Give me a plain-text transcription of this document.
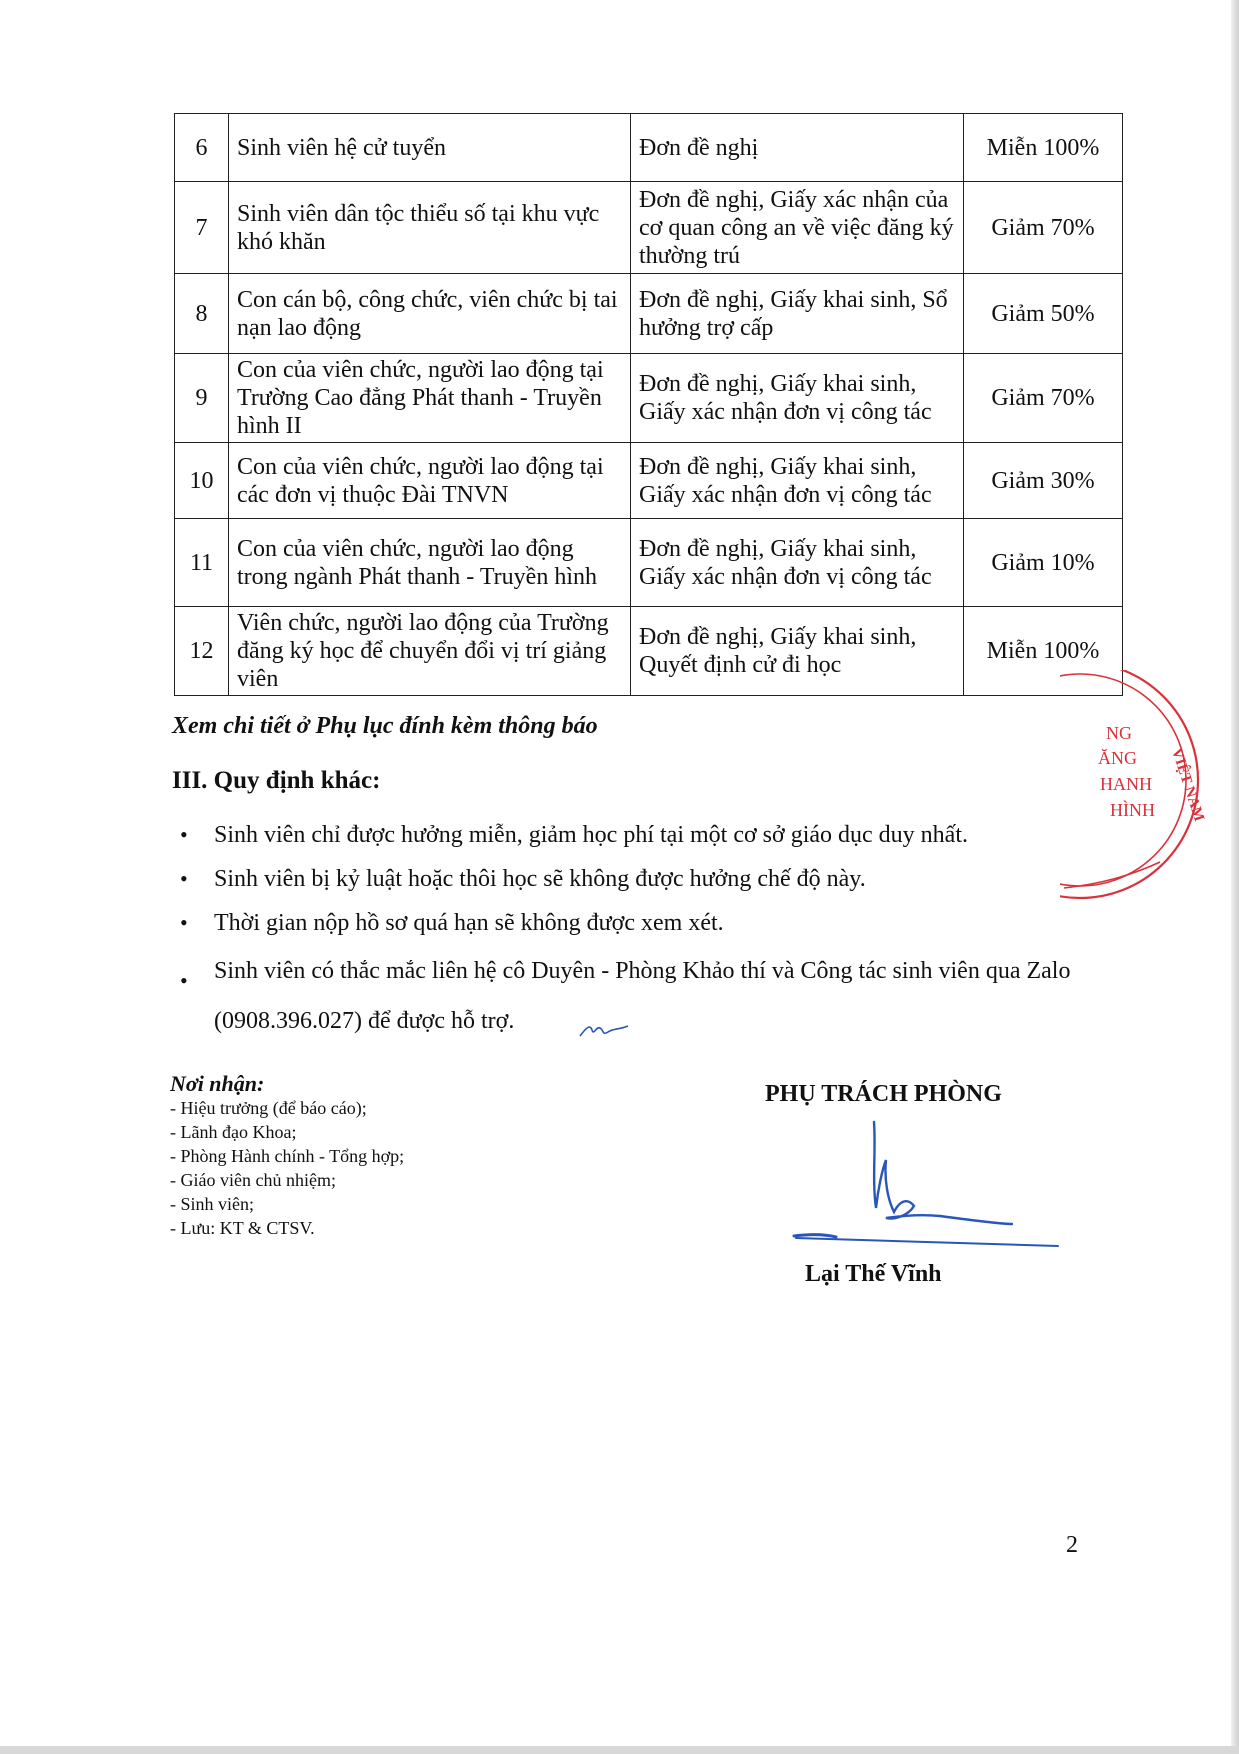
6	Sinh viên hệ cử tuyển	Đơn đề nghị	Miễn 100%
7	Sinh viên dân tộc thiểu số tại khu vực khó khăn	Đơn đề nghị, Giấy xác nhận của cơ quan công an về việc đăng ký thường trú	Giảm 70%
8	Con cán bộ, công chức, viên chức bị tai nạn lao động	Đơn đề nghị, Giấy khai sinh, Sổ hưởng trợ cấp	Giảm 50%
9	Con của viên chức, người lao động tại Trường Cao đẳng Phát thanh - Truyền hình II	Đơn đề nghị, Giấy khai sinh, Giấy xác nhận đơn vị công tác	Giảm 70%
10	Con của viên chức, người lao động tại các đơn vị thuộc Đài TNVN	Đơn đề nghị, Giấy khai sinh, Giấy xác nhận đơn vị công tác	Giảm 30%
11	Con của viên chức, người lao động trong ngành Phát thanh - Truyền hình	Đơn đề nghị, Giấy khai sinh, Giấy xác nhận đơn vị công tác	Giảm 10%
12	Viên chức, người lao động của Trường đăng ký học để chuyển đổi vị trí giảng viên	Đơn đề nghị, Giấy khai sinh, Quyết định cử đi học	Miễn 100%
Xem chi tiết ở Phụ lục đính kèm thông báo
III. Quy định khác:
• Sinh viên chỉ được hưởng miễn, giảm học phí tại một cơ sở giáo dục duy nhất.
• Sinh viên bị kỷ luật hoặc thôi học sẽ không được hưởng chế độ này.
• Thời gian nộp hồ sơ quá hạn sẽ không được xem xét.
• Sinh viên có thắc mắc liên hệ cô Duyên - Phòng Khảo thí và Công tác sinh viên qua Zalo (0908.396.027) để được hỗ trợ.
Nơi nhận:
- Hiệu trưởng (để báo cáo);
- Lãnh đạo Khoa;
- Phòng Hành chính - Tổng hợp;
- Giáo viên chủ nhiệm;
- Sinh viên;
- Lưu: KT & CTSV.
PHỤ TRÁCH PHÒNG
Lại Thế Vĩnh
NG
ĂNG
HANH
HÌNH VIỆT NAM
2
